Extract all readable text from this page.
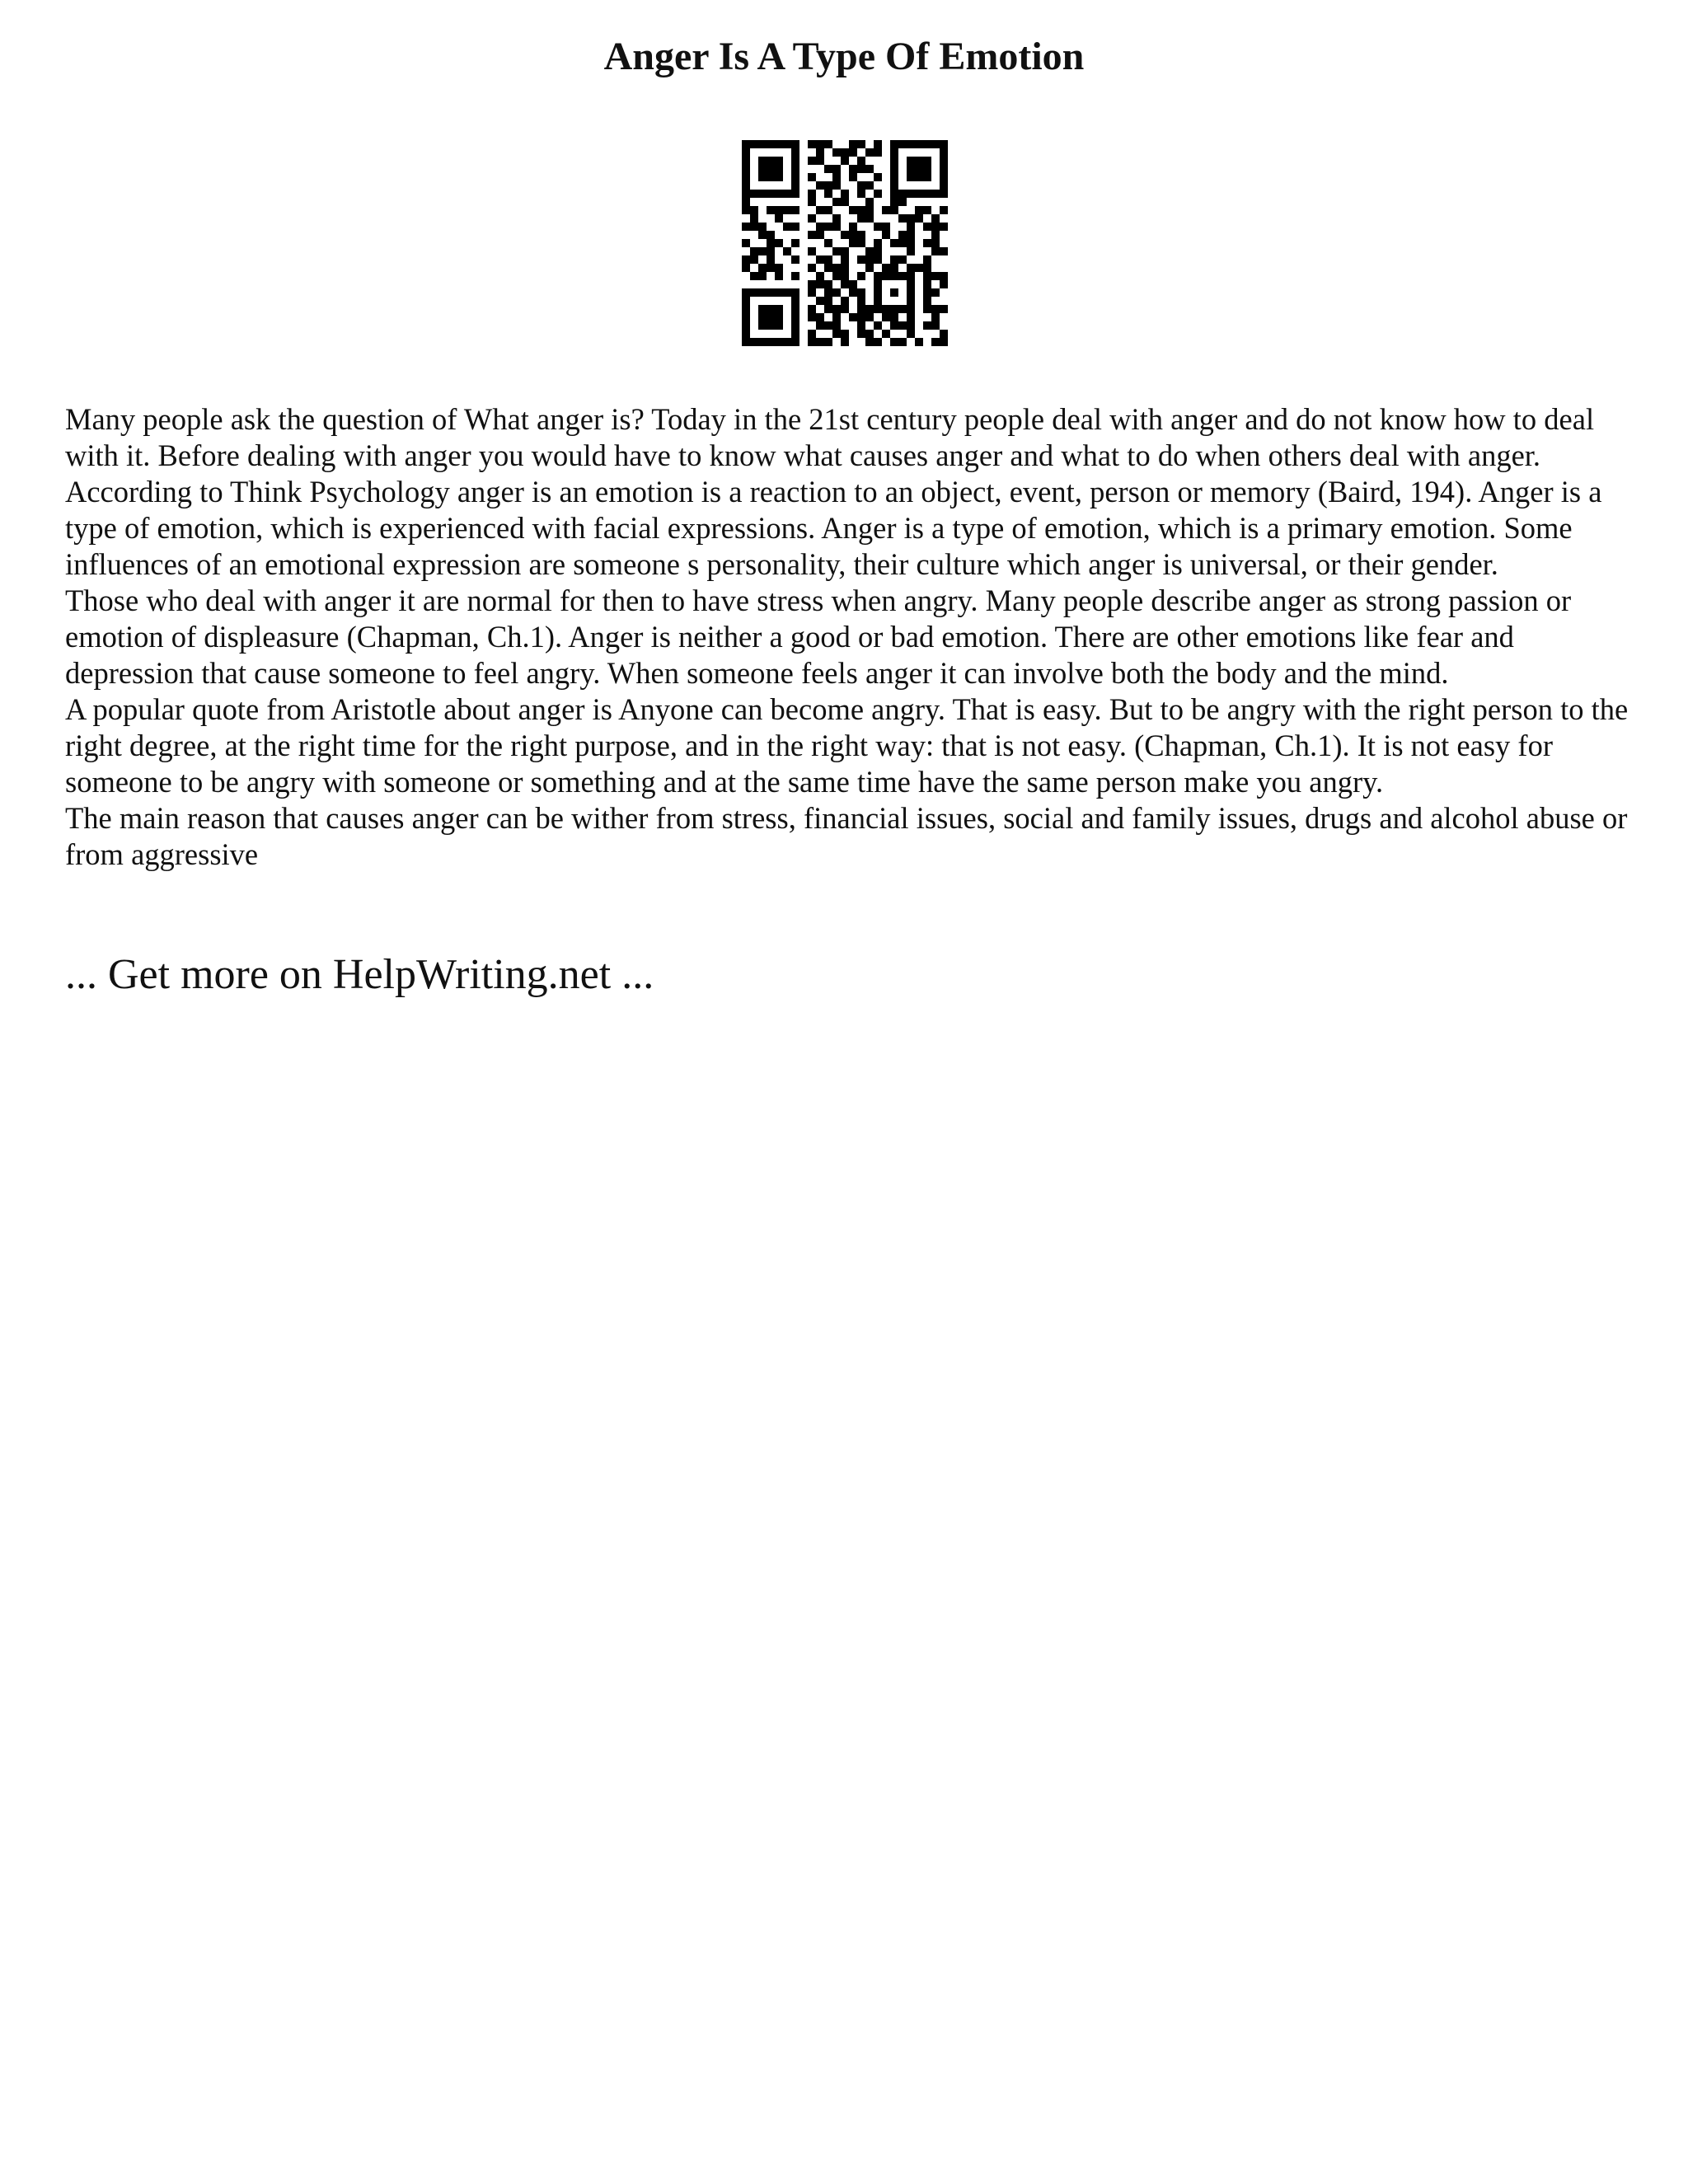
Anger Is A Type Of Emotion

Many people ask the question of What anger is? Today in the 21st century people deal with anger and do not know how to deal with it. Before dealing with anger you would have to know what causes anger and what to do when others deal with anger. According to Think Psychology anger is an emotion is a reaction to an object, event, person or memory (Baird, 194). Anger is a type of emotion, which is experienced with facial expressions. Anger is a type of emotion, which is a primary emotion. Some influences of an emotional expression are someone s personality, their culture which anger is universal, or their gender.

Those who deal with anger it are normal for then to have stress when angry. Many people describe anger as strong passion or emotion of displeasure (Chapman, Ch.1). Anger is neither a good or bad emotion. There are other emotions like fear and depression that cause someone to feel angry. When someone feels anger it can involve both the body and the mind.

A popular quote from Aristotle about anger is Anyone can become angry. That is easy. But to be angry with the right person to the right degree, at the right time for the right purpose, and in the right way: that is not easy. (Chapman, Ch.1). It is not easy for someone to be angry with someone or something and at the same time have the same person make you angry.

The main reason that causes anger can be wither from stress, financial issues, social and family issues, drugs and alcohol abuse or from aggressive

... Get more on HelpWriting.net ...
